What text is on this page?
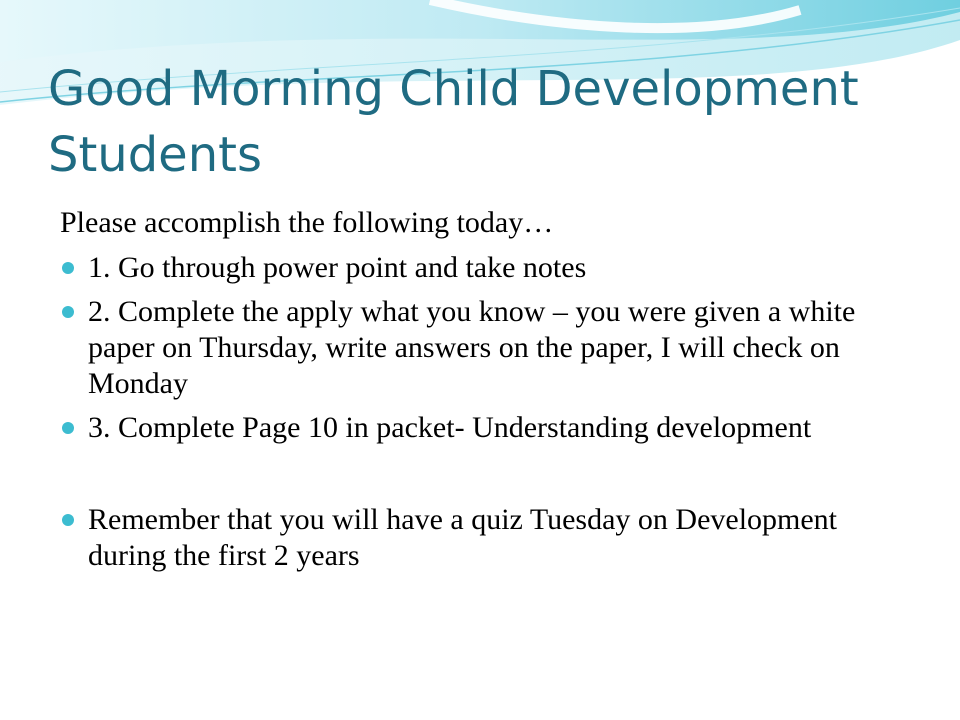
Good Morning Child Development
Students

Please accomplish the following today…

1. Go through power point and take notes
2. Complete the apply what you know – you were given a white paper on Thursday, write answers on the paper, I will check on Monday
3. Complete Page 10 in packet- Understanding development
Remember that you will have a quiz Tuesday on Development during the first 2 years
